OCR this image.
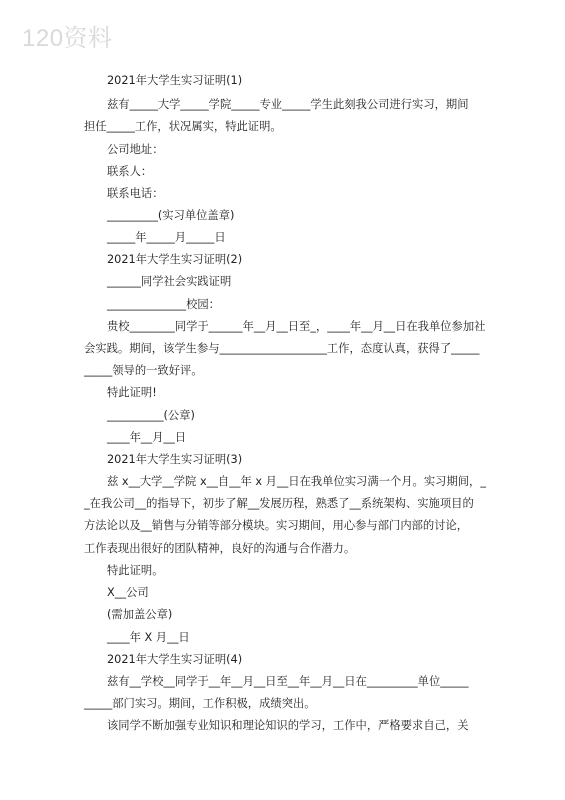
120资料
2021年大学生实习证明(1)
兹有_____大学_____学院_____专业_____学生此刻我公司进行实习，期间
担任_____工作，状况属实，特此证明。
公司地址：
联系人：
联系电话：
_________(实习单位盖章)
_____年_____月_____日
2021年大学生实习证明(2)
______同学社会实践证明
______________校园：
贵校________同学于______年__月__日至_，____年__月__日在我单位参加社
会实践。期间，该学生参与___________________工作，态度认真，获得了_____
_____领导的一致好评。
特此证明!
__________(公章)
____年__月__日
2021年大学生实习证明(3)
兹 x__大学__学院 x__自__年 x 月__日在我单位实习满一个月。实习期间，_
_在我公司__的指导下，初步了解__发展历程，熟悉了__系统架构、实施项目的
方法论以及__销售与分销等部分模块。实习期间，用心参与部门内部的讨论，
工作表现出很好的团队精神，良好的沟通与合作潜力。
特此证明。
X__公司
(需加盖公章)
____年 X 月__日
2021年大学生实习证明(4)
兹有__学校__同学于__年__月__日至__年__月__日在_________单位_____
_____部门实习。期间，工作积极，成绩突出。
该同学不断加强专业知识和理论知识的学习，工作中，严格要求自己，关
